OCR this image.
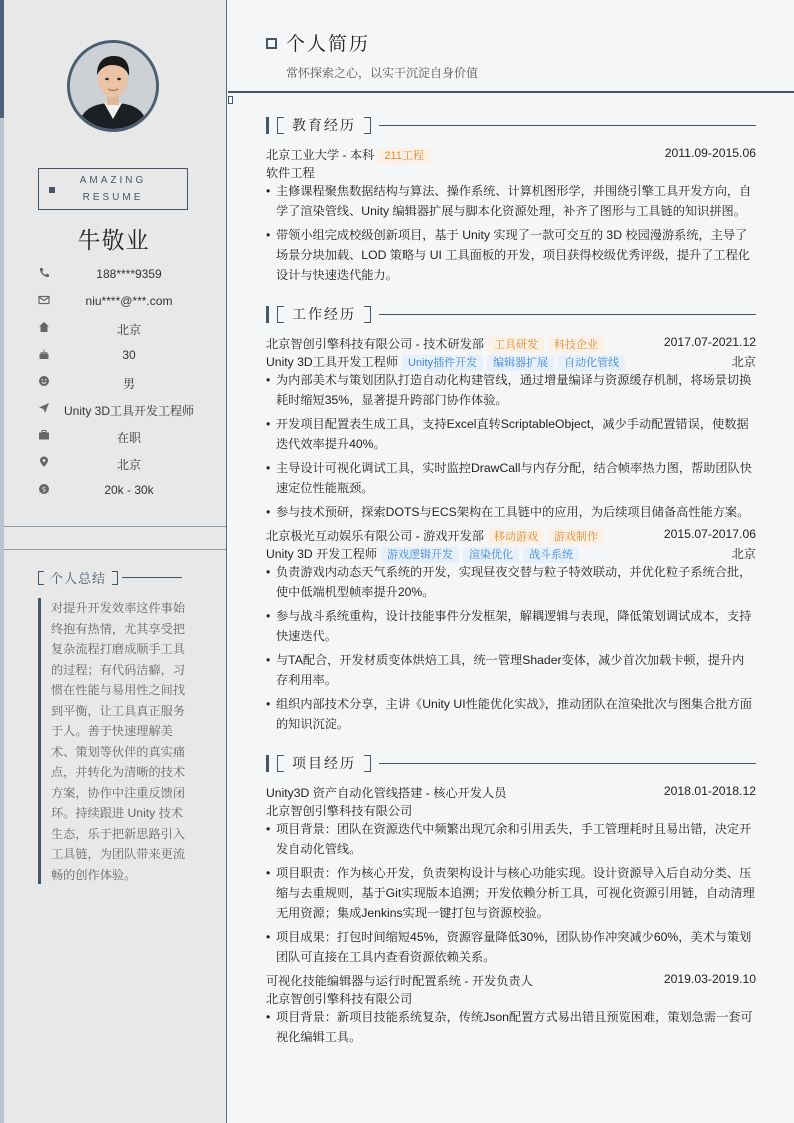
AMAZING
RESUME
牛敬业
188****9359
niu****@***.com
北京
30
男
Unity 3D工具开发工程师
在职
北京
$	20k - 30k
个人总结
对提升开发效率这件事始终抱有热情，尤其享受把复杂流程打磨成顺手工具的过程；有代码洁癖，习惯在性能与易用性之间找到平衡，让工具真正服务于人。善于快速理解美术、策划等伙伴的真实痛点，并转化为清晰的技术方案，协作中注重反馈闭环。持续跟进 Unity 技术生态，乐于把新思路引入工具链，为团队带来更流畅的创作体验。
个人简历
常怀探索之心，以实干沉淀自身价值
教育经历
北京工业大学 - 本科 211工程	2011.09-2015.06
软件工程
• 主修课程聚焦数据结构与算法、操作系统、计算机图形学，并围绕引擎工具开发方向，自学了渲染管线、Unity 编辑器扩展与脚本化资源处理，补齐了图形与工具链的知识拼图。
• 带领小组完成校级创新项目，基于 Unity 实现了一款可交互的 3D 校园漫游系统，主导了场景分块加载、LOD 策略与 UI 工具面板的开发，项目获得校级优秀评级，提升了工程化设计与快速迭代能力。
工作经历
北京智创引擎科技有限公司 - 技术研发部 工具研发 科技企业	2017.07-2021.12
Unity 3D工具开发工程师 Unity插件开发 编辑器扩展 自动化管线	北京
• 为内部美术与策划团队打造自动化构建管线，通过增量编译与资源缓存机制，将场景切换耗时缩短35%，显著提升跨部门协作体验。
• 开发项目配置表生成工具，支持Excel直转ScriptableObject，减少手动配置错误，使数据迭代效率提升40%。
• 主导设计可视化调试工具，实时监控DrawCall与内存分配，结合帧率热力图，帮助团队快速定位性能瓶颈。
• 参与技术预研，探索DOTS与ECS架构在工具链中的应用，为后续项目储备高性能方案。
北京极光互动娱乐有限公司 - 游戏开发部 移动游戏 游戏制作	2015.07-2017.06
Unity 3D 开发工程师 游戏逻辑开发 渲染优化 战斗系统	北京
• 负责游戏内动态天气系统的开发，实现昼夜交替与粒子特效联动，并优化粒子系统合批，使中低端机型帧率提升20%。
• 参与战斗系统重构，设计技能事件分发框架，解耦逻辑与表现，降低策划调试成本，支持快速迭代。
• 与TA配合，开发材质变体烘焙工具，统一管理Shader变体，减少首次加载卡顿，提升内存利用率。
• 组织内部技术分享，主讲《Unity UI性能优化实战》，推动团队在渲染批次与图集合批方面的知识沉淀。
项目经历
Unity3D 资产自动化管线搭建 - 核心开发人员	2018.01-2018.12
北京智创引擎科技有限公司
• 项目背景：团队在资源迭代中频繁出现冗余和引用丢失，手工管理耗时且易出错，决定开发自动化管线。
• 项目职责：作为核心开发，负责架构设计与核心功能实现。设计资源导入后自动分类、压缩与去重规则，基于Git实现版本追溯；开发依赖分析工具，可视化资源引用链，自动清理无用资源；集成Jenkins实现一键打包与资源校验。
• 项目成果：打包时间缩短45%，资源容量降低30%，团队协作冲突减少60%，美术与策划团队可直接在工具内查看资源依赖关系。
可视化技能编辑器与运行时配置系统 - 开发负责人	2019.03-2019.10
北京智创引擎科技有限公司
• 项目背景：新项目技能系统复杂，传统Json配置方式易出错且预览困难，策划急需一套可视化编辑工具。
